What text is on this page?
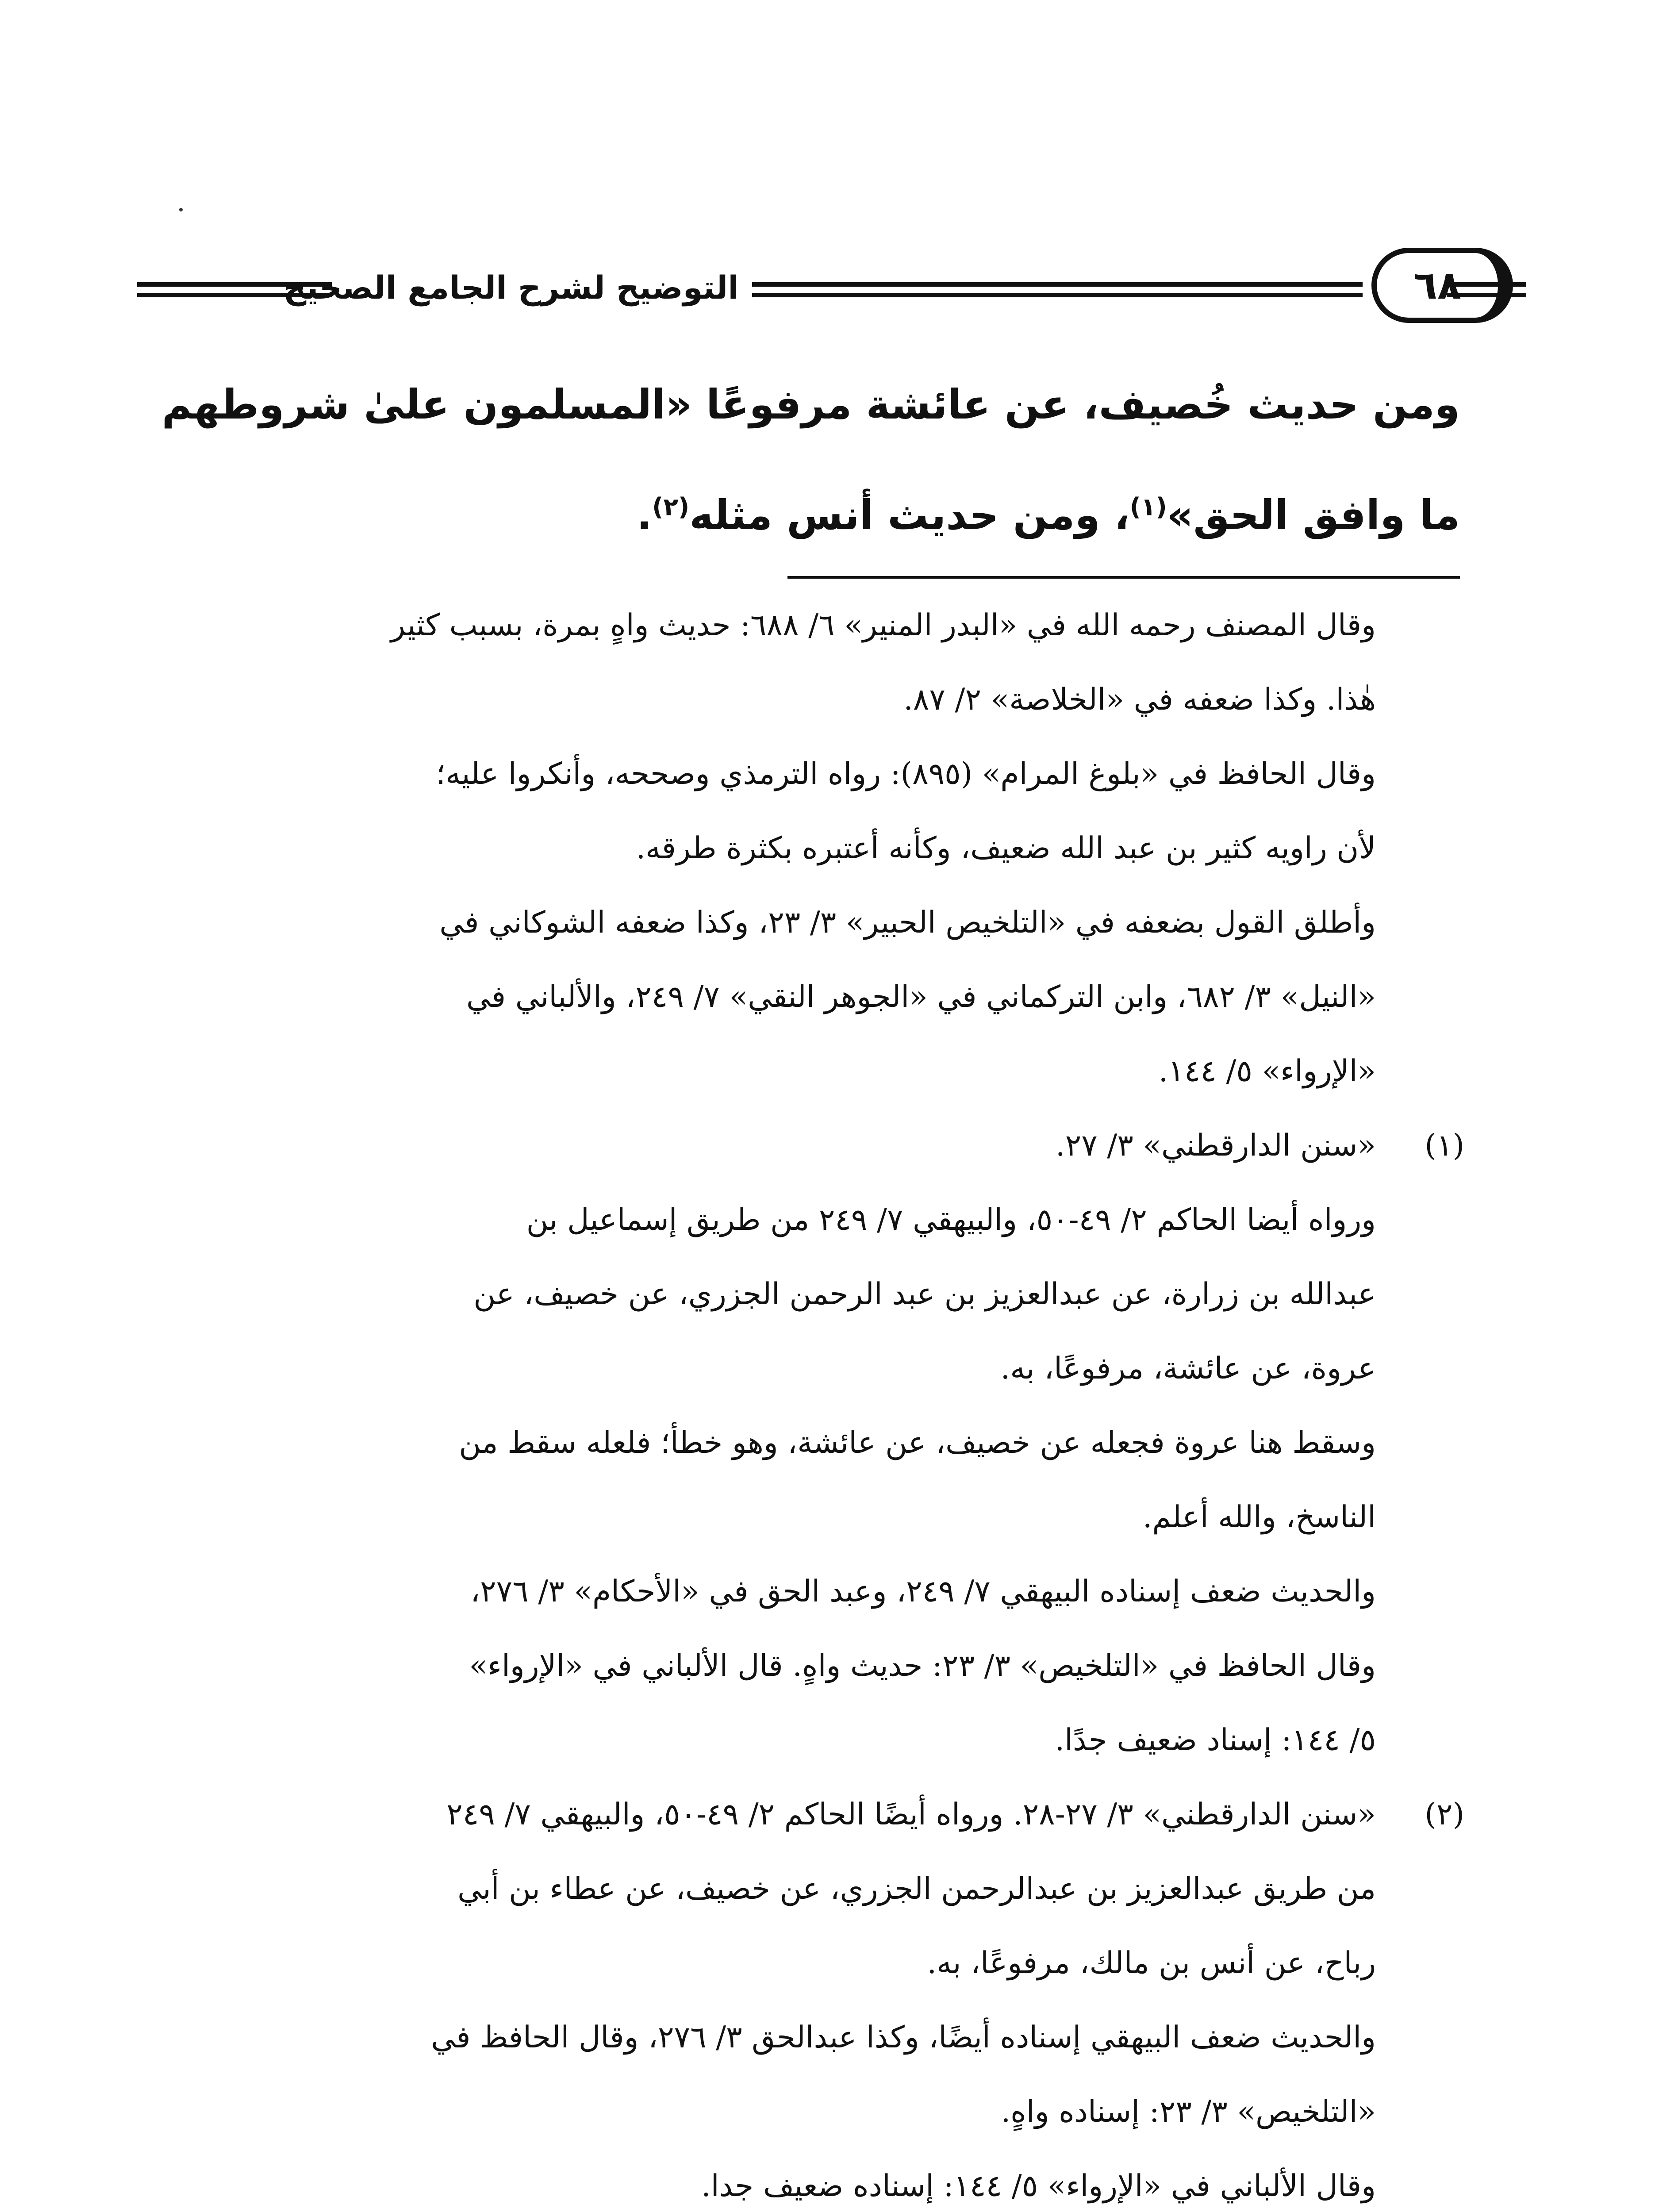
التوضيح لشرح الجامع الصحيح	٦٨

ومن حديث خُصيف، عن عائشة مرفوعًا «المسلمون علىٰ شروطهم
ما وافق الحق»$^{(١)}$، ومن حديث أنس مثله$^{(٢)}$.

وقال المصنف رحمه الله في «البدر المنير» ٦/ ٦٨٨: حديث واهٍ بمرة، بسبب كثير
هٰذا. وكذا ضعفه في «الخلاصة» ٢/ ٨٧.
وقال الحافظ في «بلوغ المرام» (٨٩٥): رواه الترمذي وصححه، وأنكروا عليه؛
لأن راويه كثير بن عبد الله ضعيف، وكأنه أعتبره بكثرة طرقه.
وأطلق القول بضعفه في «التلخيص الحبير» ٣/ ٢٣، وكذا ضعفه الشوكاني في
«النيل» ٣/ ٦٨٢، وابن التركماني في «الجوهر النقي» ٧/ ٢٤٩، والألباني في
«الإرواء» ٥/ ١٤٤.
(١)«سنن الدارقطني» ٣/ ٢٧.
ورواه أيضا الحاكم ٢/ ٤٩-٥٠، والبيهقي ٧/ ٢٤٩ من طريق إسماعيل بن
عبدالله بن زرارة، عن عبدالعزيز بن عبد الرحمن الجزري، عن خصيف، عن
عروة، عن عائشة، مرفوعًا، به.
وسقط هنا عروة فجعله عن خصيف، عن عائشة، وهو خطأ؛ فلعله سقط من
الناسخ، والله أعلم.
والحديث ضعف إسناده البيهقي ٧/ ٢٤٩، وعبد الحق في «الأحكام» ٣/ ٢٧٦،
وقال الحافظ في «التلخيص» ٣/ ٢٣: حديث واهٍ. قال الألباني في «الإرواء»
٥/ ١٤٤: إسناد ضعيف جدًا.
(٢)«سنن الدارقطني» ٣/ ٢٧-٢٨. ورواه أيضًا الحاكم ٢/ ٤٩-٥٠، والبيهقي ٧/ ٢٤٩
من طريق عبدالعزيز بن عبدالرحمن الجزري، عن خصيف، عن عطاء بن أبي
رباح، عن أنس بن مالك، مرفوعًا، به.
والحديث ضعف البيهقي إسناده أيضًا، وكذا عبدالحق ٣/ ٢٧٦، وقال الحافظ في
«التلخيص» ٣/ ٢٣: إسناده واهٍ.
وقال الألباني في «الإرواء» ٥/ ١٤٤: إسناده ضعيف جدا.
